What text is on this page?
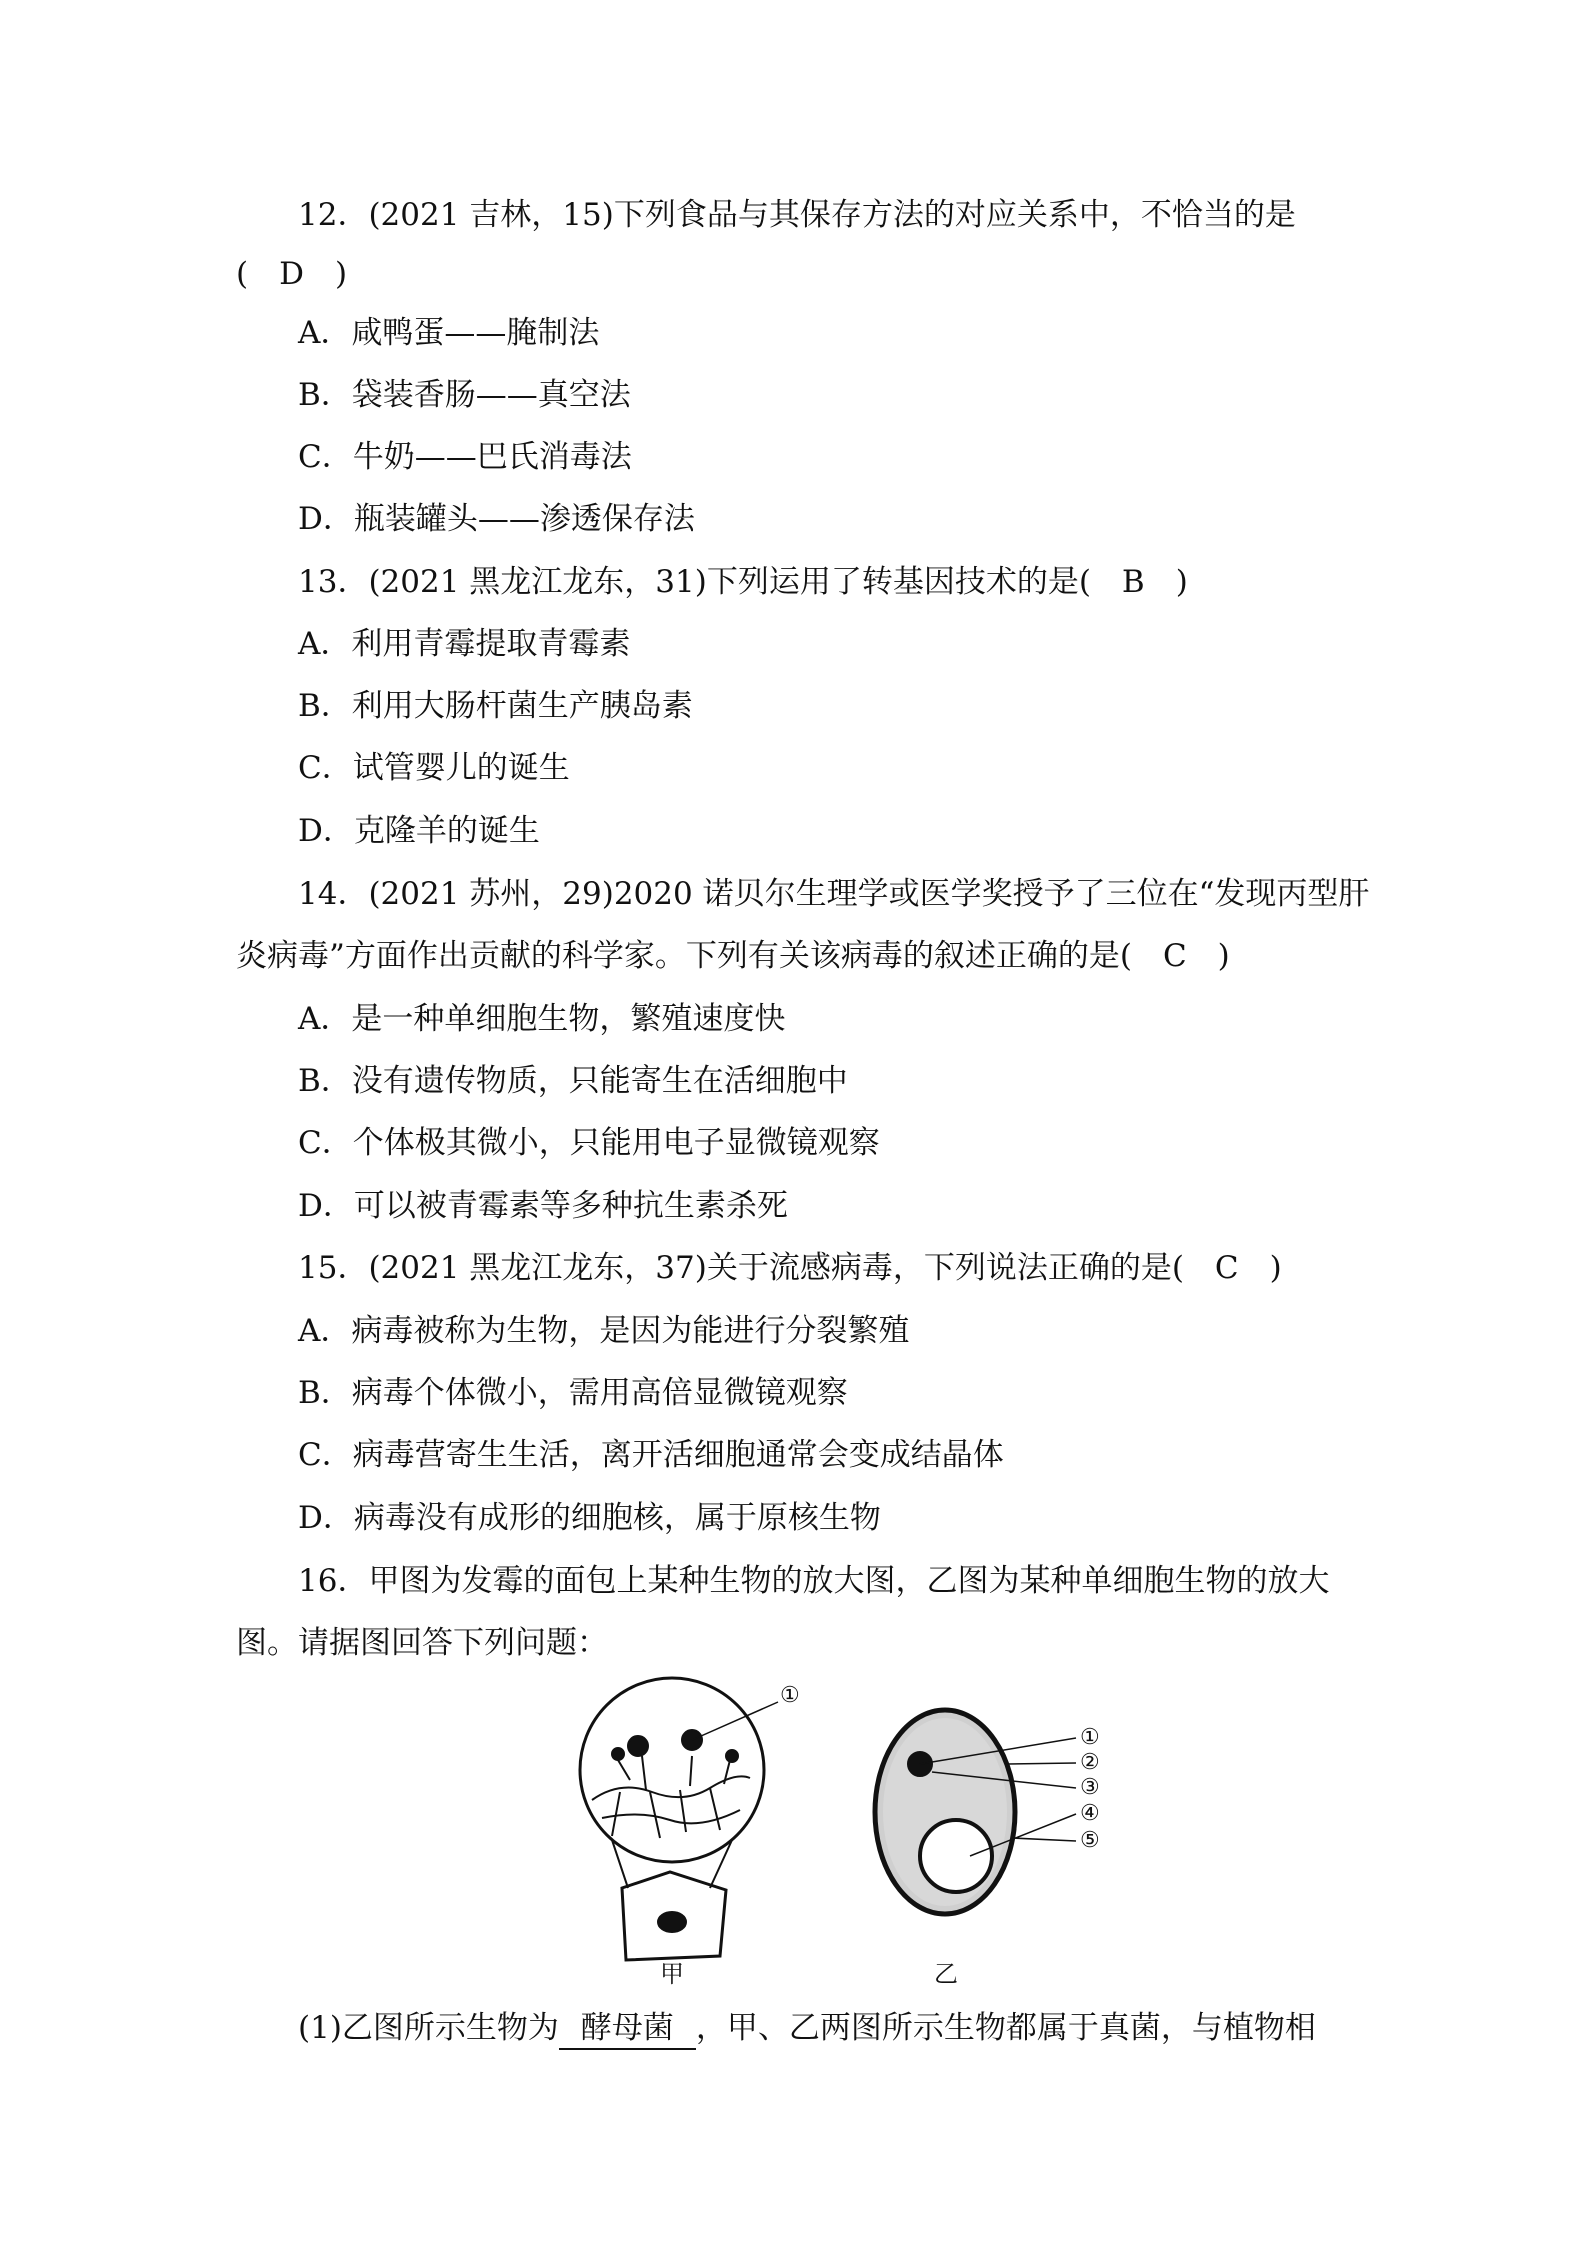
12．(2021 吉林，15)下列食品与其保存方法的对应关系中，不恰当的是
(　D　)
A．咸鸭蛋——腌制法
B．袋装香肠——真空法
C．牛奶——巴氏消毒法
D．瓶装罐头——渗透保存法
13．(2021 黑龙江龙东，31)下列运用了转基因技术的是(　B　)
A．利用青霉提取青霉素
B．利用大肠杆菌生产胰岛素
C．试管婴儿的诞生
D．克隆羊的诞生
14．(2021 苏州，29)2020 诺贝尔生理学或医学奖授予了三位在“发现丙型肝
炎病毒”方面作出贡献的科学家。下列有关该病毒的叙述正确的是(　C　)
A．是一种单细胞生物，繁殖速度快
B．没有遗传物质，只能寄生在活细胞中
C．个体极其微小，只能用电子显微镜观察
D．可以被青霉素等多种抗生素杀死
15．(2021 黑龙江龙东，37)关于流感病毒，下列说法正确的是(　C　)
A．病毒被称为生物，是因为能进行分裂繁殖
B．病毒个体微小，需用高倍显微镜观察
C．病毒营寄生生活，离开活细胞通常会变成结晶体
D．病毒没有成形的细胞核，属于原核生物
16．甲图为发霉的面包上某种生物的放大图，乙图为某种单细胞生物的放大
图。请据图回答下列问题：
①
①
②
③
④
⑤
甲	乙
(1)乙图所示生物为 酵母菌 ，甲、乙两图所示生物都属于真菌，与植物相
